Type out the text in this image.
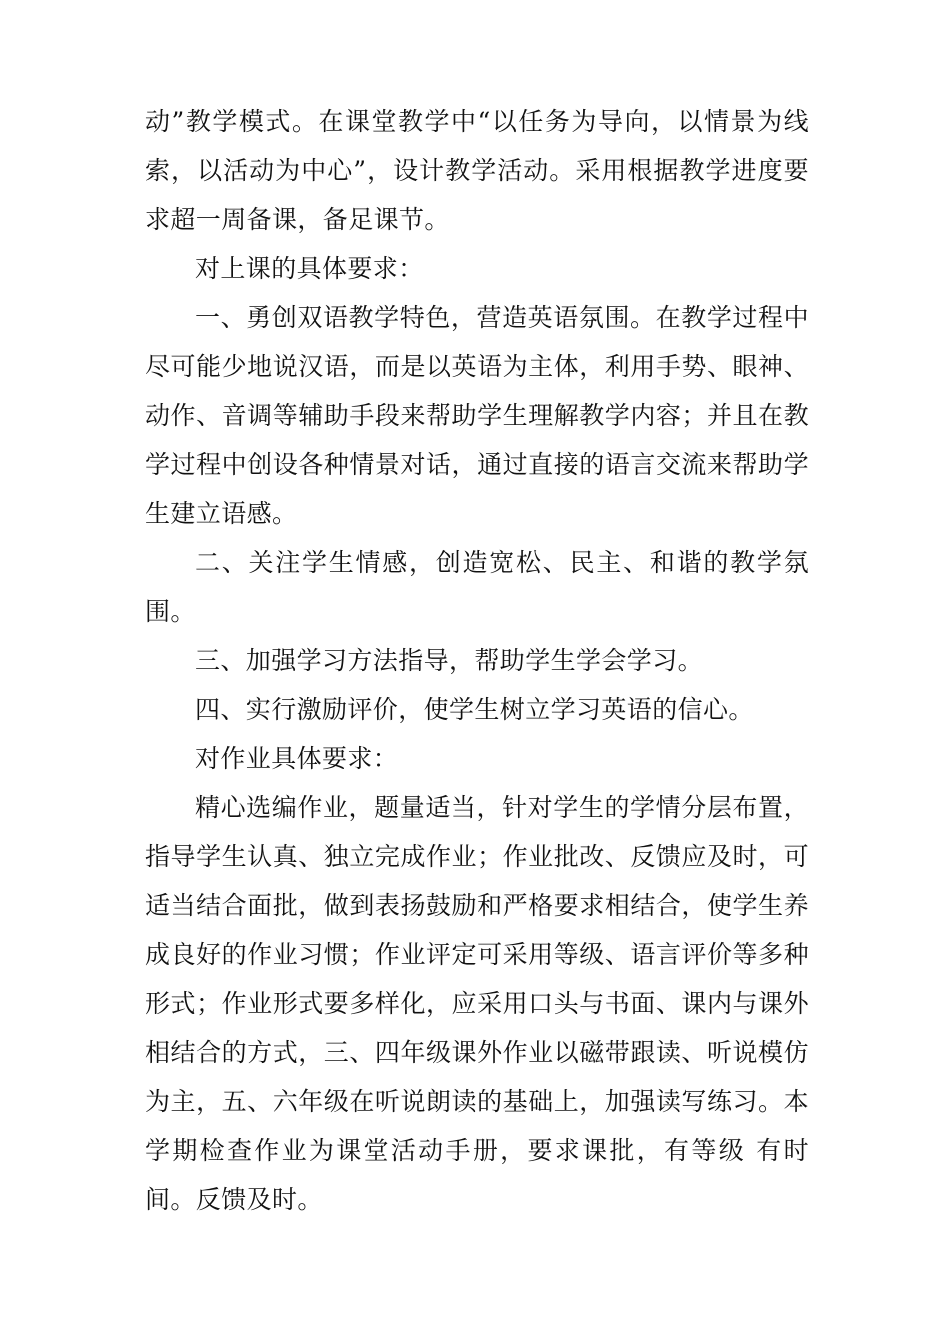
动”教学模式。在课堂教学中“以任务为导向，以情景为线索，以活动为中心”，设计教学活动。采用根据教学进度要求超一周备课，备足课节。

对上课的具体要求：

一、勇创双语教学特色，营造英语氛围。在教学过程中尽可能少地说汉语，而是以英语为主体，利用手势、眼神、动作、音调等辅助手段来帮助学生理解教学内容；并且在教学过程中创设各种情景对话，通过直接的语言交流来帮助学生建立语感。

二、关注学生情感，创造宽松、民主、和谐的教学氛围。

三、加强学习方法指导，帮助学生学会学习。

四、实行激励评价，使学生树立学习英语的信心。

对作业具体要求：

精心选编作业，题量适当，针对学生的学情分层布置，指导学生认真、独立完成作业；作业批改、反馈应及时，可适当结合面批，做到表扬鼓励和严格要求相结合，使学生养成良好的作业习惯；作业评定可采用等级、语言评价等多种形式；作业形式要多样化，应采用口头与书面、课内与课外相结合的方式，三、四年级课外作业以磁带跟读、听说模仿为主，五、六年级在听说朗读的基础上，加强读写练习。本学期检查作业为课堂活动手册，要求课批，有等级 有时间。反馈及时。
